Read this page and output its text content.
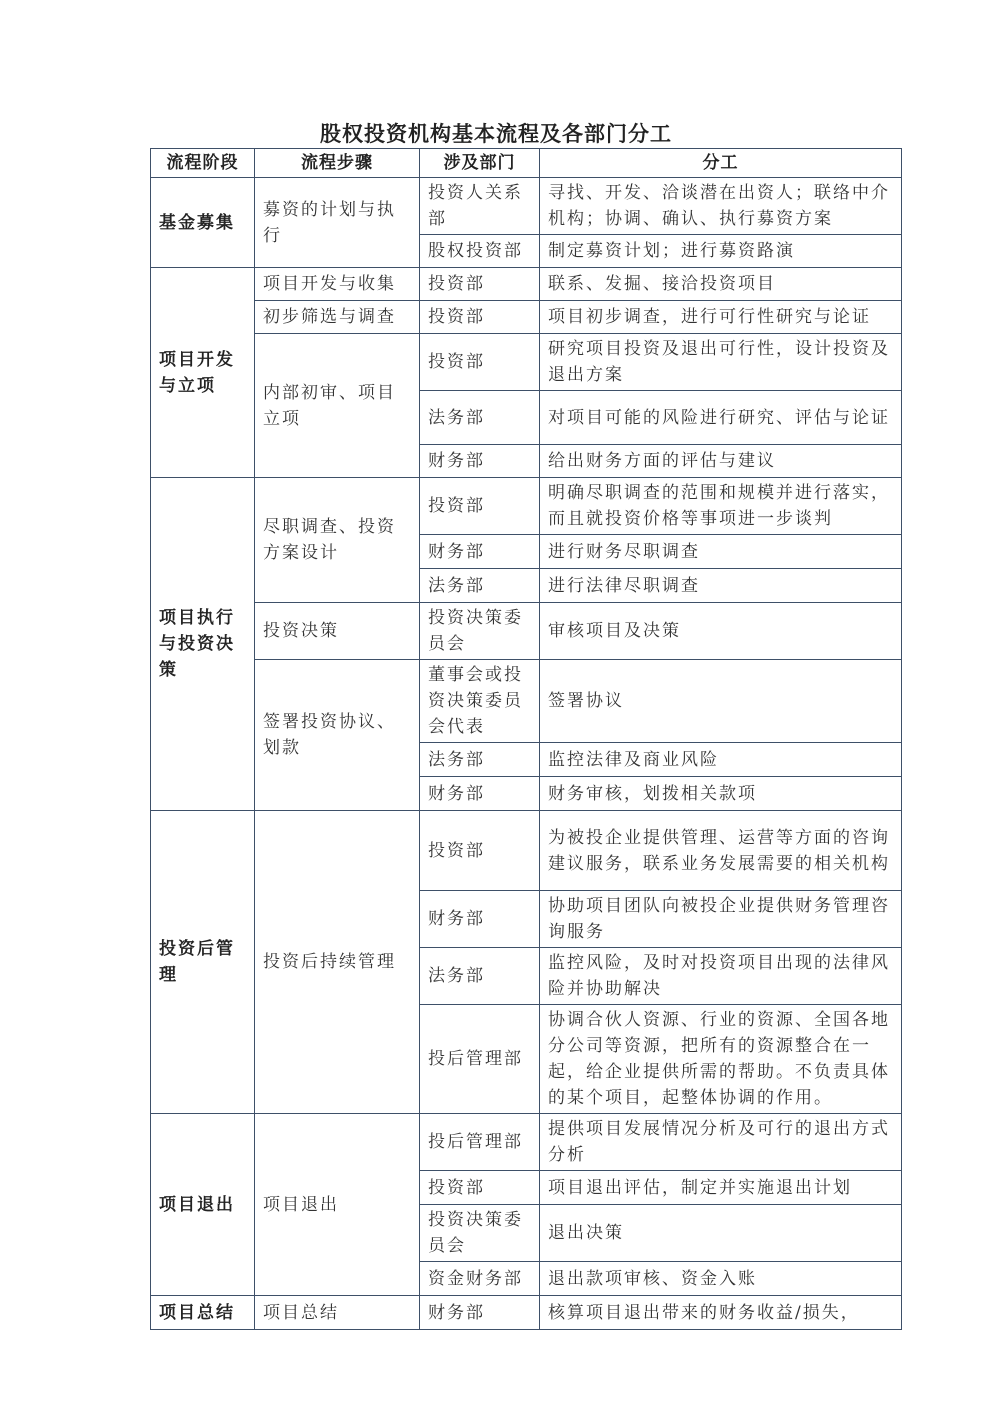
股权投资机构基本流程及各部门分工
流程阶段	流程步骤	涉及部门	分工
基金募集	募资的计划与执行	投资人关系部	寻找、开发、洽谈潜在出资人；联络中介机构；协调、确认、执行募资方案
		股权投资部	制定募资计划；进行募资路演
项目开发与立项	项目开发与收集	投资部	联系、发掘、接洽投资项目
	初步筛选与调查	投资部	项目初步调查，进行可行性研究与论证
	内部初审、项目立项	投资部	研究项目投资及退出可行性，设计投资及退出方案
		法务部	对项目可能的风险进行研究、评估与论证
		财务部	给出财务方面的评估与建议
项目执行与投资决策	尽职调查、投资方案设计	投资部	明确尽职调查的范围和规模并进行落实，而且就投资价格等事项进一步谈判
		财务部	进行财务尽职调查
		法务部	进行法律尽职调查
	投资决策	投资决策委员会	审核项目及决策
	签署投资协议、划款	董事会或投资决策委员会代表	签署协议
		法务部	监控法律及商业风险
		财务部	财务审核，划拨相关款项
投资后管理	投资后持续管理	投资部	为被投企业提供管理、运营等方面的咨询建议服务，联系业务发展需要的相关机构
		财务部	协助项目团队向被投企业提供财务管理咨询服务
		法务部	监控风险，及时对投资项目出现的法律风险并协助解决
		投后管理部	协调合伙人资源、行业的资源、全国各地分公司等资源，把所有的资源整合在一起，给企业提供所需的帮助。不负责具体的某个项目，起整体协调的作用。
项目退出	项目退出	投后管理部	提供项目发展情况分析及可行的退出方式分析
		投资部	项目退出评估，制定并实施退出计划
		投资决策委员会	退出决策
		资金财务部	退出款项审核、资金入账
项目总结	项目总结	财务部	核算项目退出带来的财务收益/损失，
